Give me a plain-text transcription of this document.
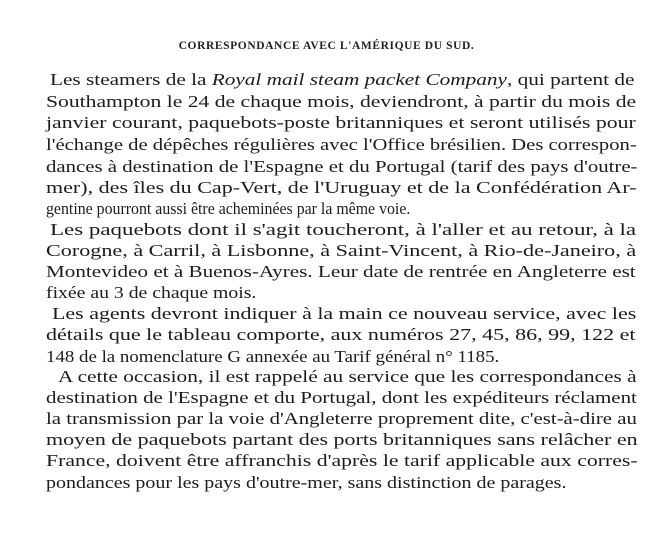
CORRESPONDANCE AVEC L'AMÉRIQUE DU SUD.
Les steamers de la Royal mail steam packet Company, qui partent de
Southampton le 24 de chaque mois, deviendront, à partir du mois de
janvier courant, paquebots-poste britanniques et seront utilisés pour
l'échange de dépêches régulières avec l'Office brésilien. Des correspon-
dances à destination de l'Espagne et du Portugal (tarif des pays d'outre-
mer), des îles du Cap-Vert, de l'Uruguay et de la Confédération Ar-
gentine pourront aussi être acheminées par la même voie.
Les paquebots dont il s'agit toucheront, à l'aller et au retour, à la
Corogne, à Carril, à Lisbonne, à Saint-Vincent, à Rio-de-Janeiro, à
Montevideo et à Buenos-Ayres. Leur date de rentrée en Angleterre est
fixée au 3 de chaque mois.
Les agents devront indiquer à la main ce nouveau service, avec les
détails que le tableau comporte, aux numéros 27, 45, 86, 99, 122 et
148 de la nomenclature G annexée au Tarif général n° 1185.
A cette occasion, il est rappelé au service que les correspondances à
destination de l'Espagne et du Portugal, dont les expéditeurs réclament
la transmission par la voie d'Angleterre proprement dite, c'est-à-dire au
moyen de paquebots partant des ports britanniques sans relâcher en
France, doivent être affranchis d'après le tarif applicable aux corres-
pondances pour les pays d'outre-mer, sans distinction de parages.
